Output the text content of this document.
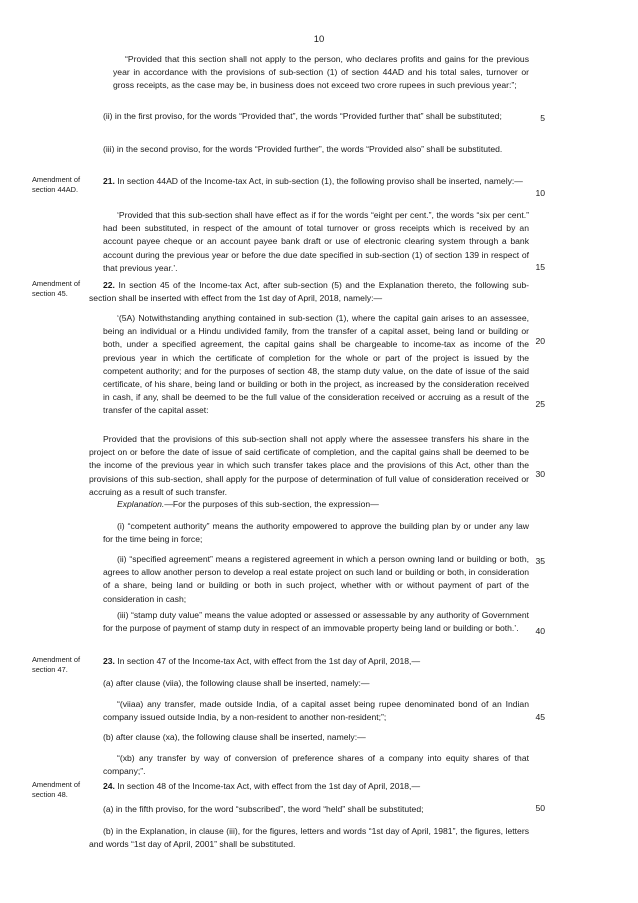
10
Amendment of section 44AD.
Amendment of section 45.
Amendment of section 47.
Amendment of section 48.
5
10
15
20
25
30
35
40
45
50

“Provided that this section shall not apply to the person, who declares profits and gains for the previous year in accordance with the provisions of sub-section (1) of section 44AD and his total sales, turnover or gross receipts, as the case may be, in business does not exceed two crore rupees in such previous year:”;

(ii) in the first proviso, for the words “Provided that”, the words “Provided further that” shall be substituted;

(iii) in the second proviso, for the words “Provided further”, the words “Provided also” shall be substituted.

21. In section 44AD of the Income-tax Act, in sub-section (1), the following proviso shall be inserted, namely:—

‘Provided that this sub-section shall have effect as if for the words “eight per cent.”, the words “six per cent.” had been substituted, in respect of the amount of total turnover or gross receipts which is received by an account payee cheque or an account payee bank draft or use of electronic clearing system through a bank account during the previous year or before the due date specified in sub-section (1) of section 139 in respect of that previous year.’.

22. In section 45 of the Income-tax Act, after sub-section (5) and the Explanation thereto, the following sub-section shall be inserted with effect from the 1st day of April, 2018, namely:—

‘(5A) Notwithstanding anything contained in sub-section (1), where the capital gain arises to an assessee, being an individual or a Hindu undivided family, from the transfer of a capital asset, being land or building or both, under a specified agreement, the capital gains shall be chargeable to income-tax as income of the previous year in which the certificate of completion for the whole or part of the project is issued by the competent authority; and for the purposes of section 48, the stamp duty value, on the date of issue of the said certificate, of his share, being land or building or both in the project, as increased by the consideration received in cash, if any, shall be deemed to be the full value of the consideration received or accruing as a result of the transfer of the capital asset:

Provided that the provisions of this sub-section shall not apply where the assessee transfers his share in the project on or before the date of issue of said certificate of completion, and the capital gains shall be deemed to be the income of the previous year in which such transfer takes place and the provisions of this Act, other than the provisions of this sub-section, shall apply for the purpose of determination of full value of consideration received or accruing as a result of such transfer.

Explanation.—For the purposes of this sub-section, the expression—

(i) “competent authority” means the authority empowered to approve the building plan by or under any law for the time being in force;

(ii) “specified agreement” means a registered agreement in which a person owning land or building or both, agrees to allow another person to develop a real estate project on such land or building or both, in consideration of a share, being land or building or both in such project, whether with or without payment of part of the consideration in cash;

(iii) “stamp duty value” means the value adopted or assessed or assessable by any authority of Government for the purpose of payment of stamp duty in respect of an immovable property being land or building or both.’.

23. In section 47 of the Income-tax Act, with effect from the 1st day of April, 2018,—

(a) after clause (viia), the following clause shall be inserted, namely:—

“(viiaa) any transfer, made outside India, of a capital asset being rupee denominated bond of an Indian company issued outside India, by a non-resident to another non-resident;”;

(b) after clause (xa), the following clause shall be inserted, namely:—

“(xb) any transfer by way of conversion of preference shares of a company into equity shares of that company;”.

24. In section 48 of the Income-tax Act, with effect from the 1st day of April, 2018,—

(a) in the fifth proviso, for the word “subscribed”, the word “held” shall be substituted;

(b) in the Explanation, in clause (iii), for the figures, letters and words “1st day of April, 1981”, the figures, letters and words “1st day of April, 2001” shall be substituted.
